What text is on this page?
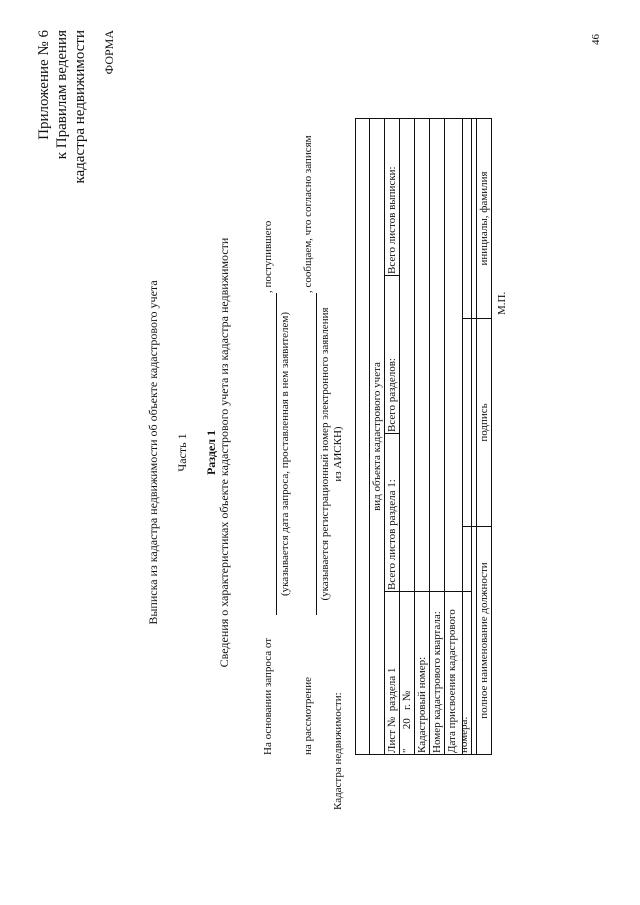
46
Приложение № 6 к Правилам ведения кадастра недвижимости ФОРМА
Выписка из кадастра недвижимости об объекте кадастрового учета Часть 1 Раздел 1 Сведения о характеристиках объекте кадастрового учета из кадастра недвижимости
На основании запроса от
, поступившего
(указывается дата запроса, проставленная в нем заявителем)
на рассмотрение
, сообщаем, что согласно записям
(указывается регистрационный номер электронного заявления из АИСКН)
Кадастра недвижимости:

вид объекта кадастрового учета			
Лист №  раздела 1	Всего листов раздела 1:	Всего разделов:	Всего листов выписки:
"       20   г. №			
Кадастровый номер:			
Номер кадастрового квартала:			
Дата присвоения кадастрового номера:			

полное наименование должности	подпись	инициалы, фамилия
М.П.
